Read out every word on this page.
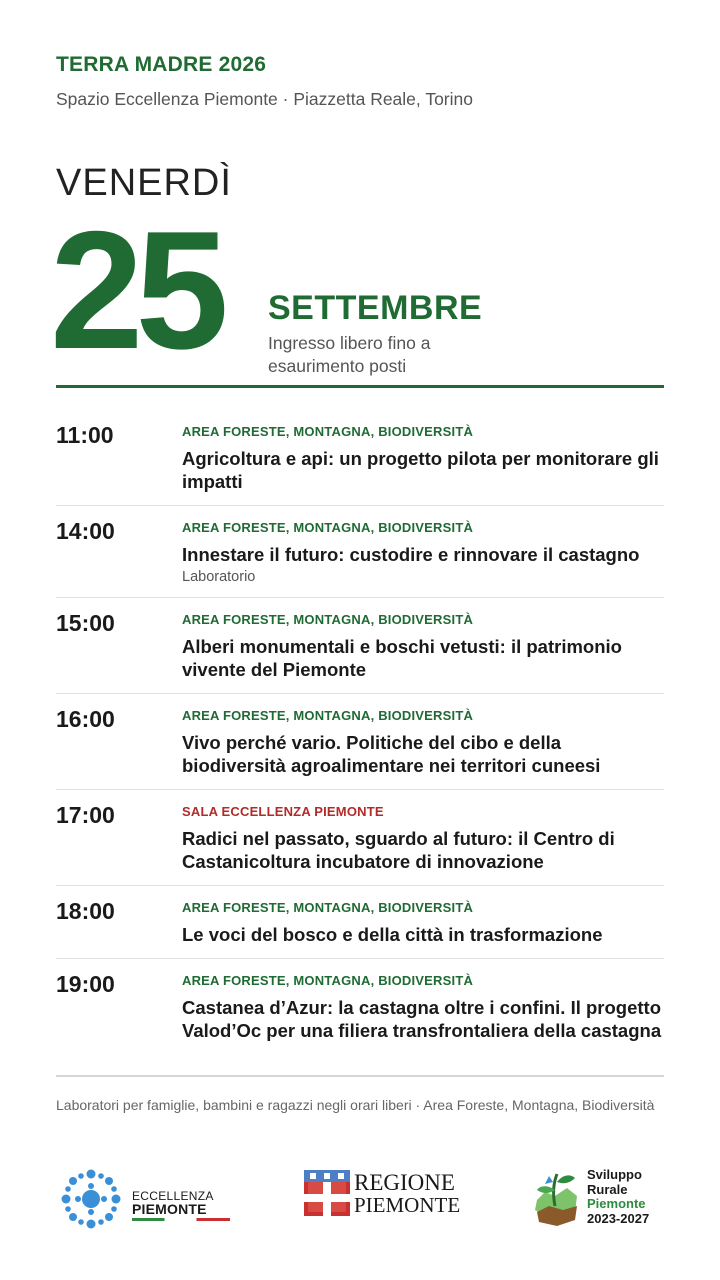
TERRA MADRE 2026
Spazio Eccellenza Piemonte · Piazzetta Reale, Torino
VENERDÌ
25 SETTEMBRE
Ingresso libero fino a esaurimento posti
11:00	AREA FORESTE, MONTAGNA, BIODIVERSITÀ
Agricoltura e api: un progetto pilota per monitorare gli impatti
14:00	AREA FORESTE, MONTAGNA, BIODIVERSITÀ
Innestare il futuro: custodire e rinnovare il castagno
Laboratorio
15:00	AREA FORESTE, MONTAGNA, BIODIVERSITÀ
Alberi monumentali e boschi vetusti: il patrimonio vivente del Piemonte
16:00	AREA FORESTE, MONTAGNA, BIODIVERSITÀ
Vivo perché vario. Politiche del cibo e della biodiversità agroalimentare nei territori cuneesi
17:00	SALA ECCELLENZA PIEMONTE
Radici nel passato, sguardo al futuro: il Centro di Castanicoltura incubatore di innovazione
18:00	AREA FORESTE, MONTAGNA, BIODIVERSITÀ
Le voci del bosco e della città in trasformazione
19:00	AREA FORESTE, MONTAGNA, BIODIVERSITÀ
Castanea d’Azur: la castagna oltre i confini. Il progetto Valod’Oc per una filiera transfrontaliera della castagna
Laboratori per famiglie, bambini e ragazzi negli orari liberi · Area Foreste, Montagna, Biodiversità
ECCELLENZA
PIEMONTE
REGIONE
PIEMONTE
Sviluppo
Rurale
Piemonte
2023-2027
